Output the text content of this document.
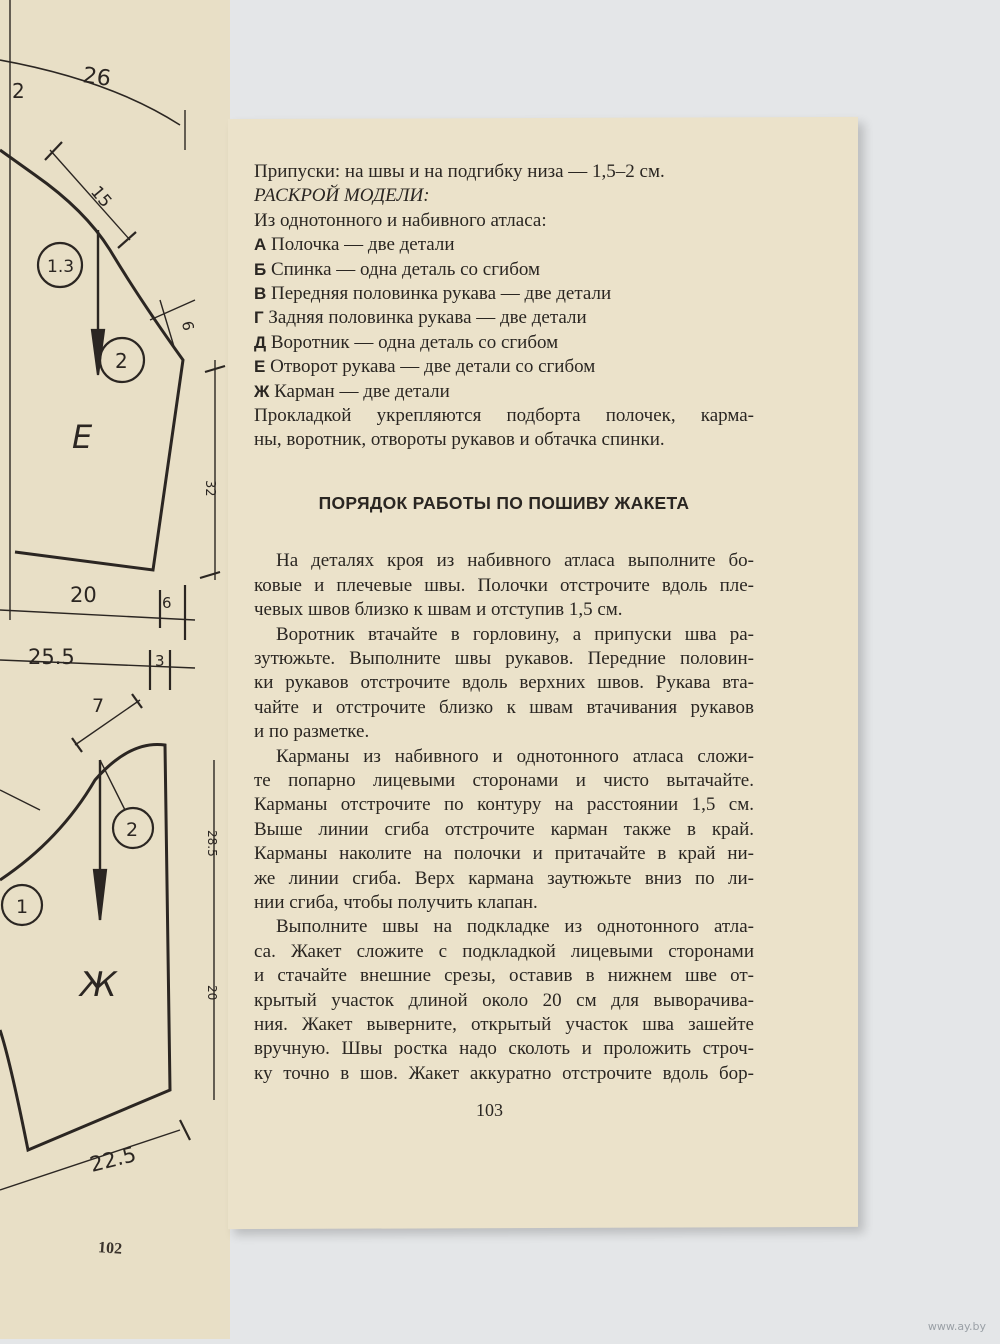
26
2
15
6
32
20	6
1.3
2
Е
25.5	3
7
28.5
20
22.5
2
1
Ж
102

Припуски: на швы и на подгибку низа — 1,5–2 см.

РАСКРОЙ МОДЕЛИ:

Из однотонного и набивного атласа:

А Полочка — две детали

Б Спинка — одна деталь со сгибом

В Передняя половинка рукава — две детали

Г Задняя половинка рукава — две детали

Д Воротник — одна деталь со сгибом

Е Отворот рукава — две детали со сгибом

Ж Карман — две детали

Прокладкой укрепляются подборта полочек, карма-

ны, воротник, отвороты рукавов и обтачка спинки.

ПОРЯДОК РАБОТЫ ПО ПОШИВУ ЖАКЕТА

На деталях кроя из набивного атласа выполните бо-

ковые и плечевые швы. Полочки отстрочите вдоль пле-

чевых швов близко к швам и отступив 1,5 см.

Воротник втачайте в горловину, а припуски шва ра-

зутюжьте. Выполните швы рукавов. Передние половин-

ки рукавов отстрочите вдоль верхних швов. Рукава вта-

чайте и отстрочите близко к швам втачивания рукавов

и по разметке.

Карманы из набивного и однотонного атласа сложи-

те попарно лицевыми сторонами и чисто вытачайте.

Карманы отстрочите по контуру на расстоянии 1,5 см.

Выше линии сгиба отстрочите карман также в край.

Карманы наколите на полочки и притачайте в край ни-

же линии сгиба. Верх кармана заутюжьте вниз по ли-

нии сгиба, чтобы получить клапан.

Выполните швы на подкладке из однотонного атла-

са. Жакет сложите с подкладкой лицевыми сторонами

и стачайте внешние срезы, оставив в нижнем шве от-

крытый участок длиной около 20 см для выворачива-

ния. Жакет выверните, открытый участок шва зашейте

вручную. Швы ростка надо сколоть и проложить строч-

ку точно в шов. Жакет аккуратно отстрочите вдоль бор-

103
www.ay.by
